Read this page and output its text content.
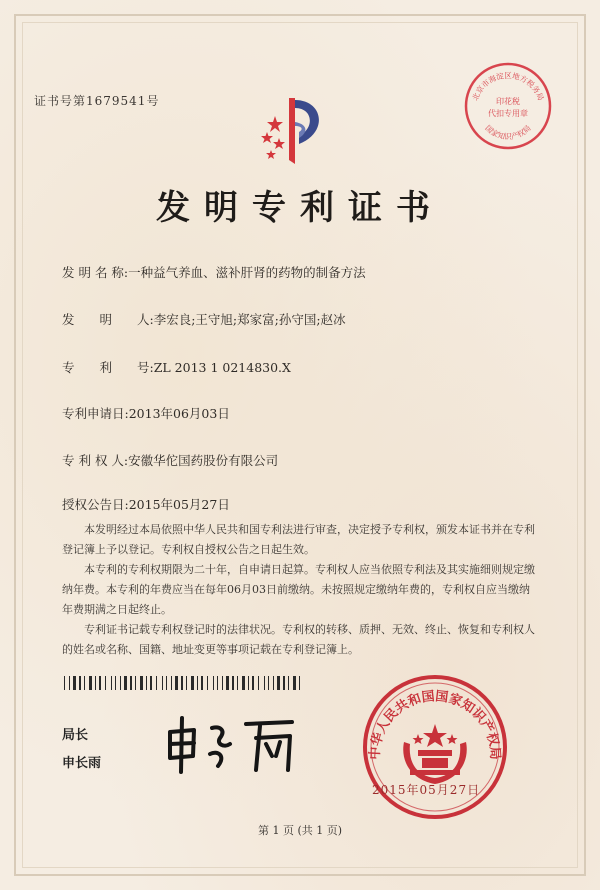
证书号第1679541号
发明专利证书
发 明 名 称:一种益气养血、滋补肝肾的药物的制备方法
发　　明　　人:李宏良;王守旭;郑家富;孙守国;赵冰
专　　利　　号:ZL 2013 1 0214830.X
专利申请日:2013年06月03日
专 利 权 人:安徽华佗国药股份有限公司
授权公告日:2015年05月27日

本发明经过本局依照中华人民共和国专利法进行审查，决定授予专利权，颁发本证书并在专利登记簿上予以登记。专利权自授权公告之日起生效。

本专利的专利权期限为二十年，自申请日起算。专利权人应当依照专利法及其实施细则规定缴纳年费。本专利的年费应当在每年06月03日前缴纳。未按照规定缴纳年费的，专利权自应当缴纳年费期满之日起终止。

专利证书记载专利权登记时的法律状况。专利权的转移、质押、无效、终止、恢复和专利权人的姓名或名称、国籍、地址变更等事项记载在专利登记簿上。

局长
申长雨
中华人民共和国国家知识产权局
2015年05月27日
北京市海淀区地方税务局
印花税
代扣专用章
国家知识产权局
第 1 页 (共 1 页)
